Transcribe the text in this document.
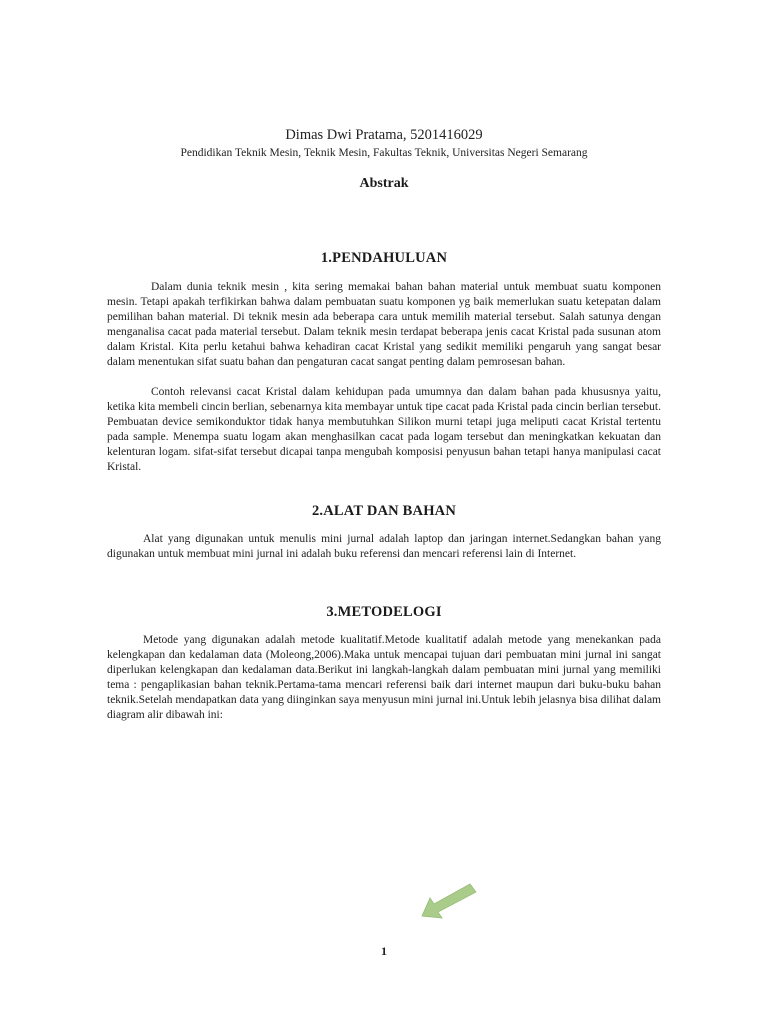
Dimas Dwi Pratama, 5201416029
Pendidikan Teknik Mesin, Teknik Mesin, Fakultas Teknik, Universitas Negeri Semarang
Abstrak
1.PENDAHULUAN

Dalam dunia teknik mesin , kita sering memakai bahan bahan material untuk membuat suatu komponen mesin. Tetapi apakah terfikirkan bahwa dalam pembuatan suatu komponen yg baik memerlukan suatu ketepatan dalam pemilihan bahan material. Di teknik mesin ada beberapa cara untuk memilih material tersebut. Salah satunya dengan menganalisa cacat pada material tersebut. Dalam teknik mesin terdapat beberapa jenis cacat Kristal pada susunan atom dalam Kristal. Kita perlu ketahui bahwa kehadiran cacat Kristal yang sedikit memiliki pengaruh yang sangat besar dalam menentukan sifat suatu bahan dan pengaturan cacat sangat penting dalam pemrosesan bahan.

Contoh relevansi cacat Kristal dalam kehidupan pada umumnya dan dalam bahan pada khususnya yaitu, ketika kita membeli cincin berlian, sebenarnya kita membayar untuk tipe cacat pada Kristal pada cincin berlian tersebut. Pembuatan device semikonduktor tidak hanya membutuhkan Silikon murni tetapi juga meliputi cacat Kristal tertentu pada sample. Menempa suatu logam akan menghasilkan cacat pada logam tersebut dan meningkatkan kekuatan dan kelenturan logam. sifat-sifat tersebut dicapai tanpa mengubah komposisi penyusun bahan tetapi hanya manipulasi cacat Kristal.

2.ALAT DAN BAHAN

Alat yang digunakan untuk menulis mini jurnal adalah laptop dan jaringan internet.Sedangkan bahan yang digunakan untuk membuat mini jurnal ini adalah buku referensi dan mencari referensi lain di Internet.

3.METODELOGI

Metode yang digunakan adalah metode kualitatif.Metode kualitatif adalah metode yang menekankan pada kelengkapan dan kedalaman data (Moleong,2006).Maka untuk mencapai tujuan dari pembuatan mini jurnal ini sangat diperlukan kelengkapan dan kedalaman data.Berikut ini langkah-langkah dalam pembuatan mini jurnal yang memiliki tema : pengaplikasian bahan teknik.Pertama-tama mencari referensi baik dari internet maupun dari buku-buku bahan teknik.Setelah mendapatkan data yang diinginkan saya menyusun mini jurnal ini.Untuk lebih jelasnya bisa dilihat dalam diagram alir dibawah ini:

1
